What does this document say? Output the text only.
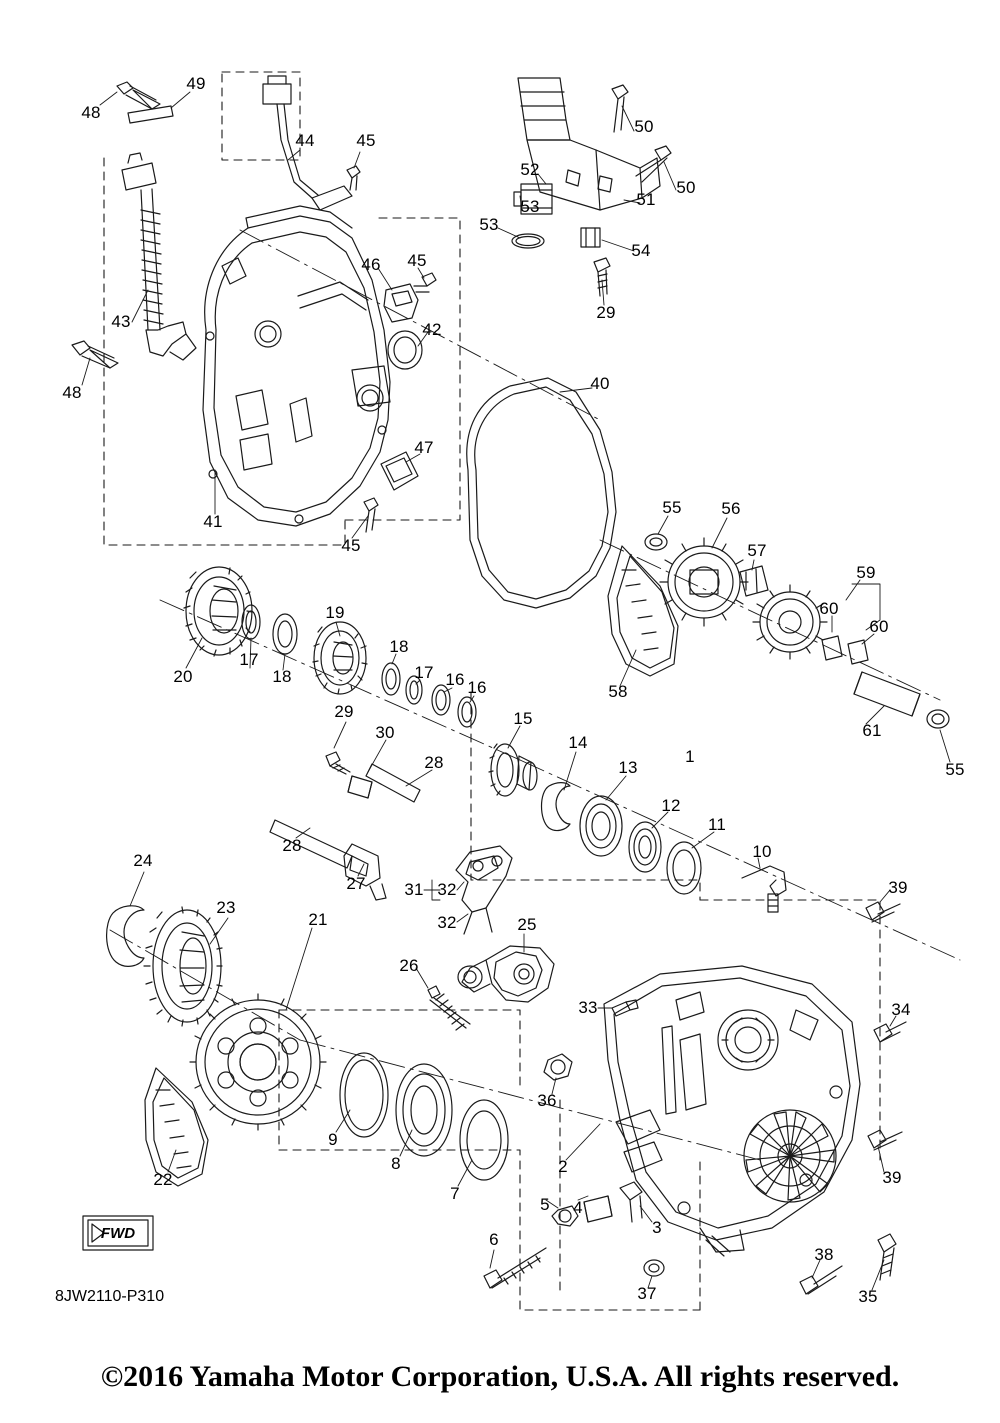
48
49
44 45
50
50
52
51
53
53
54
29
43
46 45
42
48	40
47
41
45
55 56
57
59
60
60
20
17
18
19
18
17 16 16	58
61
55
29
30
28
15
14
13
1
12
11
10
28
27 31 32
32
24
23
21	25
26
33
39
34
36
22
9
8
7
2
4
5
3
6
37
38
35
39
FWD
8JW2110-P310
©2016 Yamaha Motor Corporation, U.S.A. All rights reserved.
